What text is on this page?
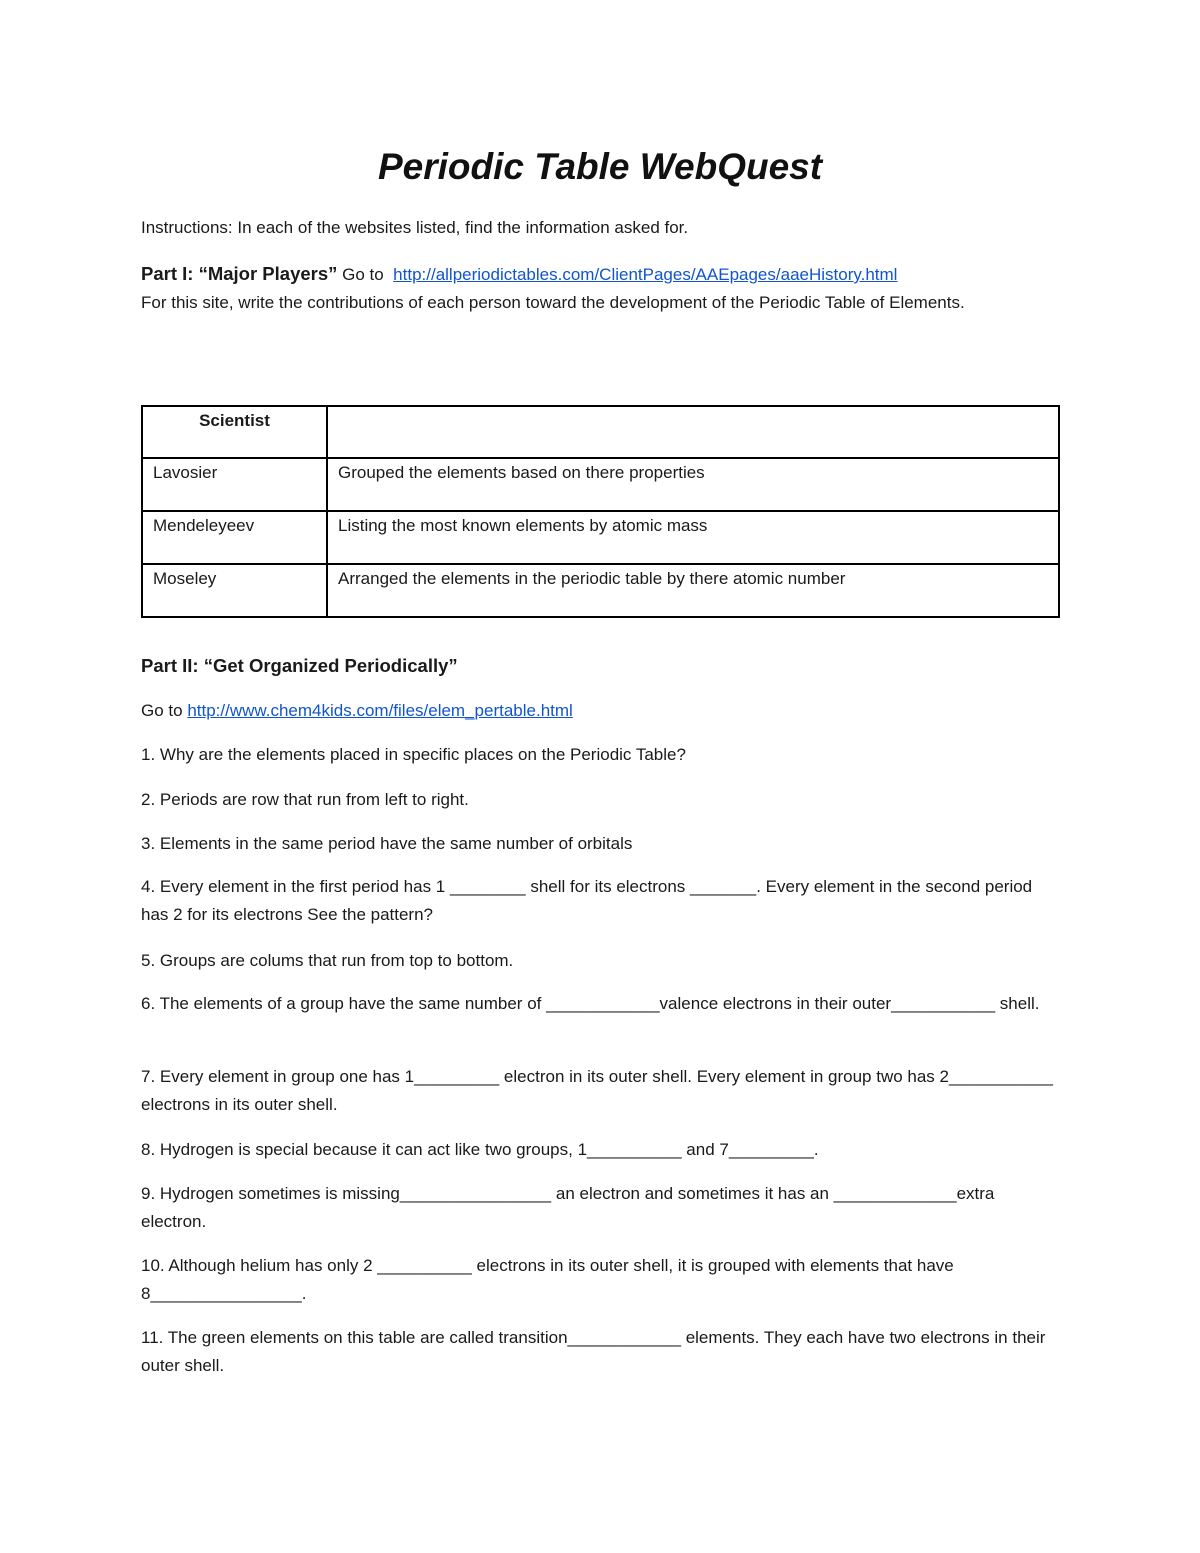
Periodic Table WebQuest
Instructions: In each of the websites listed, find the information asked for.
Part I: “Major Players” Go to http://allperiodictables.com/ClientPages/AAEpages/aaeHistory.html
For this site, write the contributions of each person toward the development of the Periodic Table of Elements.
Scientist	
Lavosier	Grouped the elements based on there properties
Mendeleyeev	Listing the most known elements by atomic mass
Moseley	Arranged the elements in the periodic table by there atomic number
Part II: “Get Organized Periodically”
Go to http://www.chem4kids.com/files/elem_pertable.html
1. Why are the elements placed in specific places on the Periodic Table?
2. Periods are row that run from left to right.
3. Elements in the same period have the same number of orbitals
4. Every element in the first period has 1 ________ shell for its electrons _______. Every element in the second period has 2 for its electrons See the pattern?
5. Groups are colums that run from top to bottom.
6. The elements of a group have the same number of ____________valence electrons in their outer___________ shell.
7. Every element in group one has 1_________ electron in its outer shell. Every element in group two has 2___________ electrons in its outer shell.
8. Hydrogen is special because it can act like two groups, 1__________ and 7_________.
9. Hydrogen sometimes is missing________________ an electron and sometimes it has an _____________extra electron.
10. Although helium has only 2 __________ electrons in its outer shell, it is grouped with elements that have 8________________.
11. The green elements on this table are called transition____________ elements. They each have two electrons in their outer shell.
